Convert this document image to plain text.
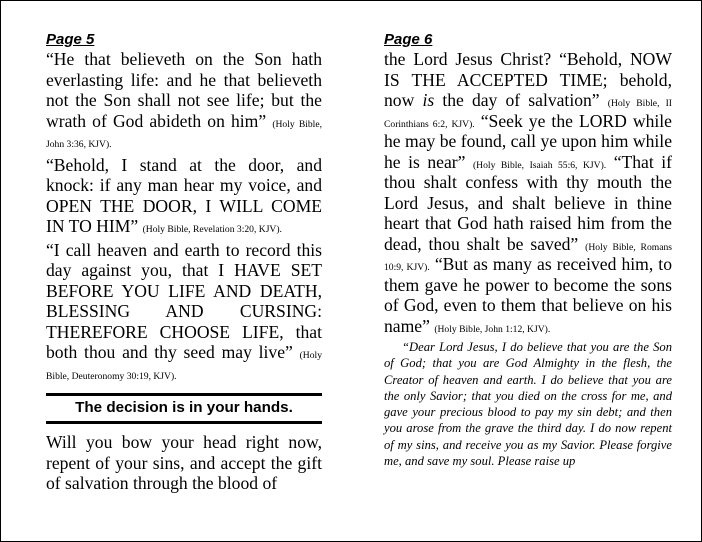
Page 5

“He that believeth on the Son hath everlasting life: and he that believeth not the Son shall not see life; but the wrath of God abideth on him” (Holy Bible, John 3:36, KJV).

“Behold, I stand at the door, and knock: if any man hear my voice, and OPEN THE DOOR, I WILL COME IN TO HIM” (Holy Bible, Revelation 3:20, KJV).

“I call heaven and earth to record this day against you, that I HAVE SET BEFORE YOU LIFE AND DEATH, BLESSING AND CURSING: THEREFORE CHOOSE LIFE, that both thou and thy seed may live” (Holy Bible, Deuteronomy 30:19, KJV).

The decision is in your hands.

Will you bow your head right now, repent of your sins, and accept the gift of salvation through the blood of

Page 6

the Lord Jesus Christ? “Behold, NOW IS THE ACCEPTED TIME; behold, now is the day of salvation” (Holy Bible, II Corinthians 6:2, KJV). “Seek ye the LORD while he may be found, call ye upon him while he is near” (Holy Bible, Isaiah 55:6, KJV). “That if thou shalt confess with thy mouth the Lord Jesus, and shalt believe in thine heart that God hath raised him from the dead, thou shalt be saved” (Holy Bible, Romans 10:9, KJV). “But as many as received him, to them gave he power to become the sons of God, even to them that believe on his name” (Holy Bible, John 1:12, KJV).

“Dear Lord Jesus, I do believe that you are the Son of God; that you are God Almighty in the flesh, the Creator of heaven and earth. I do believe that you are the only Savior; that you died on the cross for me, and gave your precious blood to pay my sin debt; and then you arose from the grave the third day. I do now repent of my sins, and receive you as my Savior. Please forgive me, and save my soul. Please raise up
